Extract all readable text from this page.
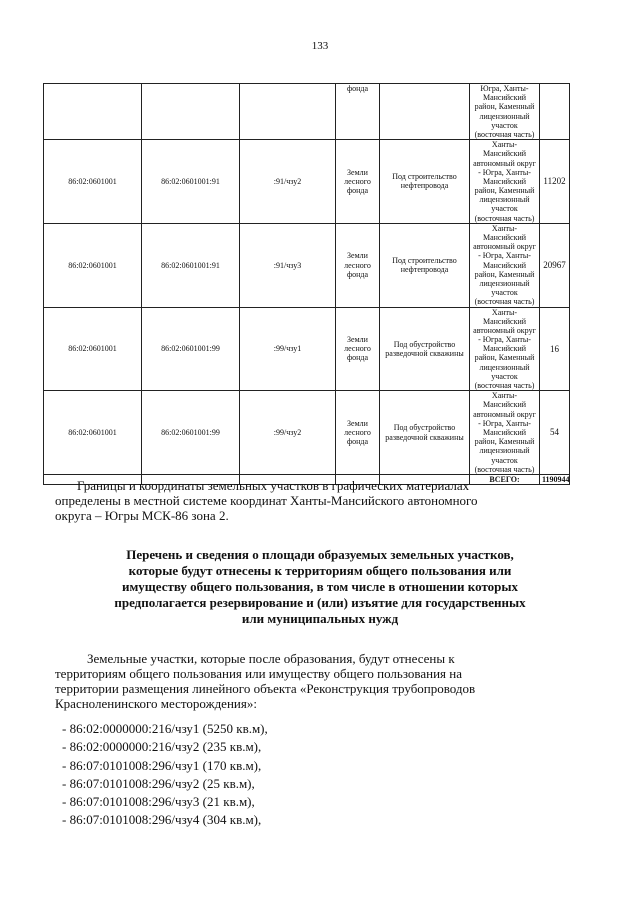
133
			фонда		Югра, Ханты-Мансийский район, Каменный лицензионный участок (восточная часть)	
86:02:0601001	86:02:0601001:91	:91/чзу2	Земли лесного фонда	Под строительство нефтепровода	Ханты-Мансийский автономный округ - Югра, Ханты-Мансийский район, Каменный лицензионный участок (восточная часть)	11202
86:02:0601001	86:02:0601001:91	:91/чзу3	Земли лесного фонда	Под строительство нефтепровода	Ханты-Мансийский автономный округ - Югра, Ханты-Мансийский район, Каменный лицензионный участок (восточная часть)	20967
86:02:0601001	86:02:0601001:99	:99/чзу1	Земли лесного фонда	Под обустройство разведочной скважины	Ханты-Мансийский автономный округ - Югра, Ханты-Мансийский район, Каменный лицензионный участок (восточная часть)	16
86:02:0601001	86:02:0601001:99	:99/чзу2	Земли лесного фонда	Под обустройство разведочной скважины	Ханты-Мансийский автономный округ - Югра, Ханты-Мансийский район, Каменный лицензионный участок (восточная часть)	54
					ВСЕГО:	1190944
Границы и координаты земельных участков в графических материалах
определены в местной системе координат Ханты-Мансийского автономного
округа – Югры МСК-86 зона 2.
Перечень и сведения о площади образуемых земельных участков,
которые будут отнесены к территориям общего пользования или
имуществу общего пользования, в том числе в отношении которых
предполагается резервирование и (или) изъятие для государственных
или муниципальных нужд
Земельные участки, которые после образования, будут отнесены к
территориям общего пользования или имуществу общего пользования на
территории размещения линейного объекта «Реконструкция трубопроводов
Красноленинского месторождения»:
- 86:02:0000000:216/чзу1 (5250 кв.м),
- 86:02:0000000:216/чзу2 (235 кв.м),
- 86:07:0101008:296/чзу1 (170 кв.м),
- 86:07:0101008:296/чзу2 (25 кв.м),
- 86:07:0101008:296/чзу3 (21 кв.м),
- 86:07:0101008:296/чзу4 (304 кв.м),
